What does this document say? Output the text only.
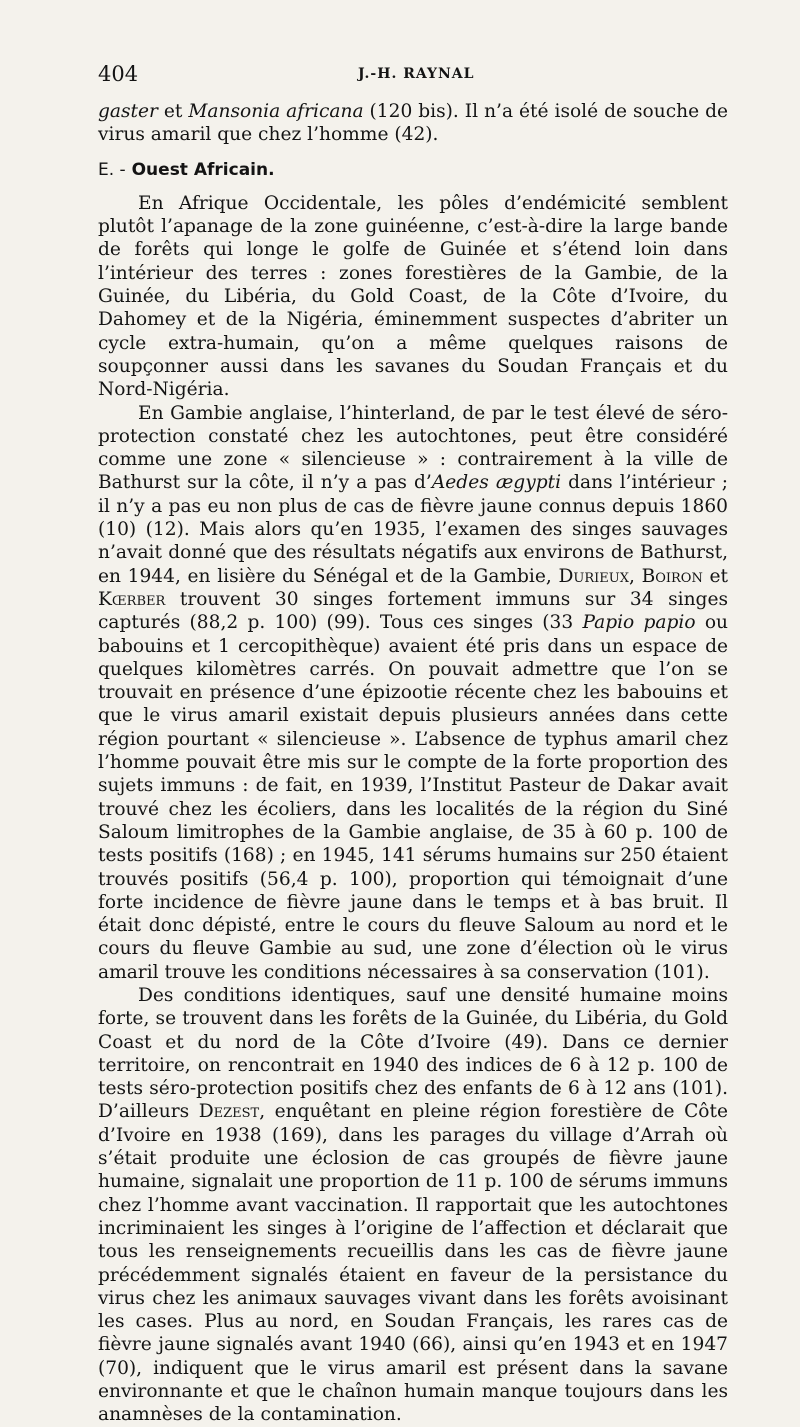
404	J.-H. RAYNAL

gaster et Mansonia africana (120 bis). Il n’a été isolé de souche de virus amaril que chez l’homme (42).

E. - Ouest Africain.

En Afrique Occidentale, les pôles d’endémicité semblent plutôt l’apanage de la zone guinéenne, c’est-à-dire la large bande de forêts qui longe le golfe de Guinée et s’étend loin dans l’intérieur des terres : zones forestières de la Gambie, de la Guinée, du Libéria, du Gold Coast, de la Côte d’Ivoire, du Dahomey et de la Nigéria, éminemment suspectes d’abriter un cycle extra-humain, qu’on a même quelques raisons de soupçonner aussi dans les savanes du Soudan Français et du Nord-Nigéria.

En Gambie anglaise, l’hinterland, de par le test élevé de séro-protection constaté chez les autochtones, peut être considéré comme une zone « silencieuse » : contrairement à la ville de Bathurst sur la côte, il n’y a pas d’Aedes ægypti dans l’intérieur ; il n’y a pas eu non plus de cas de fièvre jaune connus depuis 1860 (10) (12). Mais alors qu’en 1935, l’examen des singes sauvages n’avait donné que des résultats négatifs aux environs de Bathurst, en 1944, en lisière du Sénégal et de la Gambie, Durieux, Boiron et Kœrber trouvent 30 singes fortement immuns sur 34 singes capturés (88,2 p. 100) (99). Tous ces singes (33 Papio papio ou babouins et 1 cercopithèque) avaient été pris dans un espace de quelques kilomètres carrés. On pouvait admettre que l’on se trouvait en présence d’une épizootie récente chez les babouins et que le virus amaril existait depuis plusieurs années dans cette région pourtant « silencieuse ». L’absence de typhus amaril chez l’homme pouvait être mis sur le compte de la forte proportion des sujets immuns : de fait, en 1939, l’Institut Pasteur de Dakar avait trouvé chez les écoliers, dans les localités de la région du Siné Saloum limitrophes de la Gambie anglaise, de 35 à 60 p. 100 de tests positifs (168) ; en 1945, 141 sérums humains sur 250 étaient trouvés positifs (56,4 p. 100), proportion qui témoignait d’une forte incidence de fièvre jaune dans le temps et à bas bruit. Il était donc dépisté, entre le cours du fleuve Saloum au nord et le cours du fleuve Gambie au sud, une zone d’élection où le virus amaril trouve les conditions nécessaires à sa conservation (101).

Des conditions identiques, sauf une densité humaine moins forte, se trouvent dans les forêts de la Guinée, du Libéria, du Gold Coast et du nord de la Côte d’Ivoire (49). Dans ce dernier territoire, on rencontrait en 1940 des indices de 6 à 12 p. 100 de tests séro-protection positifs chez des enfants de 6 à 12 ans (101). D’ailleurs Dezest, enquêtant en pleine région forestière de Côte d’Ivoire en 1938 (169), dans les parages du village d’Arrah où s’était produite une éclosion de cas groupés de fièvre jaune humaine, signalait une proportion de 11 p. 100 de sérums immuns chez l’homme avant vaccination. Il rapportait que les autochtones incriminaient les singes à l’origine de l’affection et déclarait que tous les renseignements recueillis dans les cas de fièvre jaune précédemment signalés étaient en faveur de la persistance du virus chez les animaux sauvages vivant dans les forêts avoisinant les cases. Plus au nord, en Soudan Français, les rares cas de fièvre jaune signalés avant 1940 (66), ainsi qu’en 1943 et en 1947 (70), indiquent que le virus amaril est présent dans la savane environnante et que le chaînon humain manque toujours dans les anamnèses de la contamination.
